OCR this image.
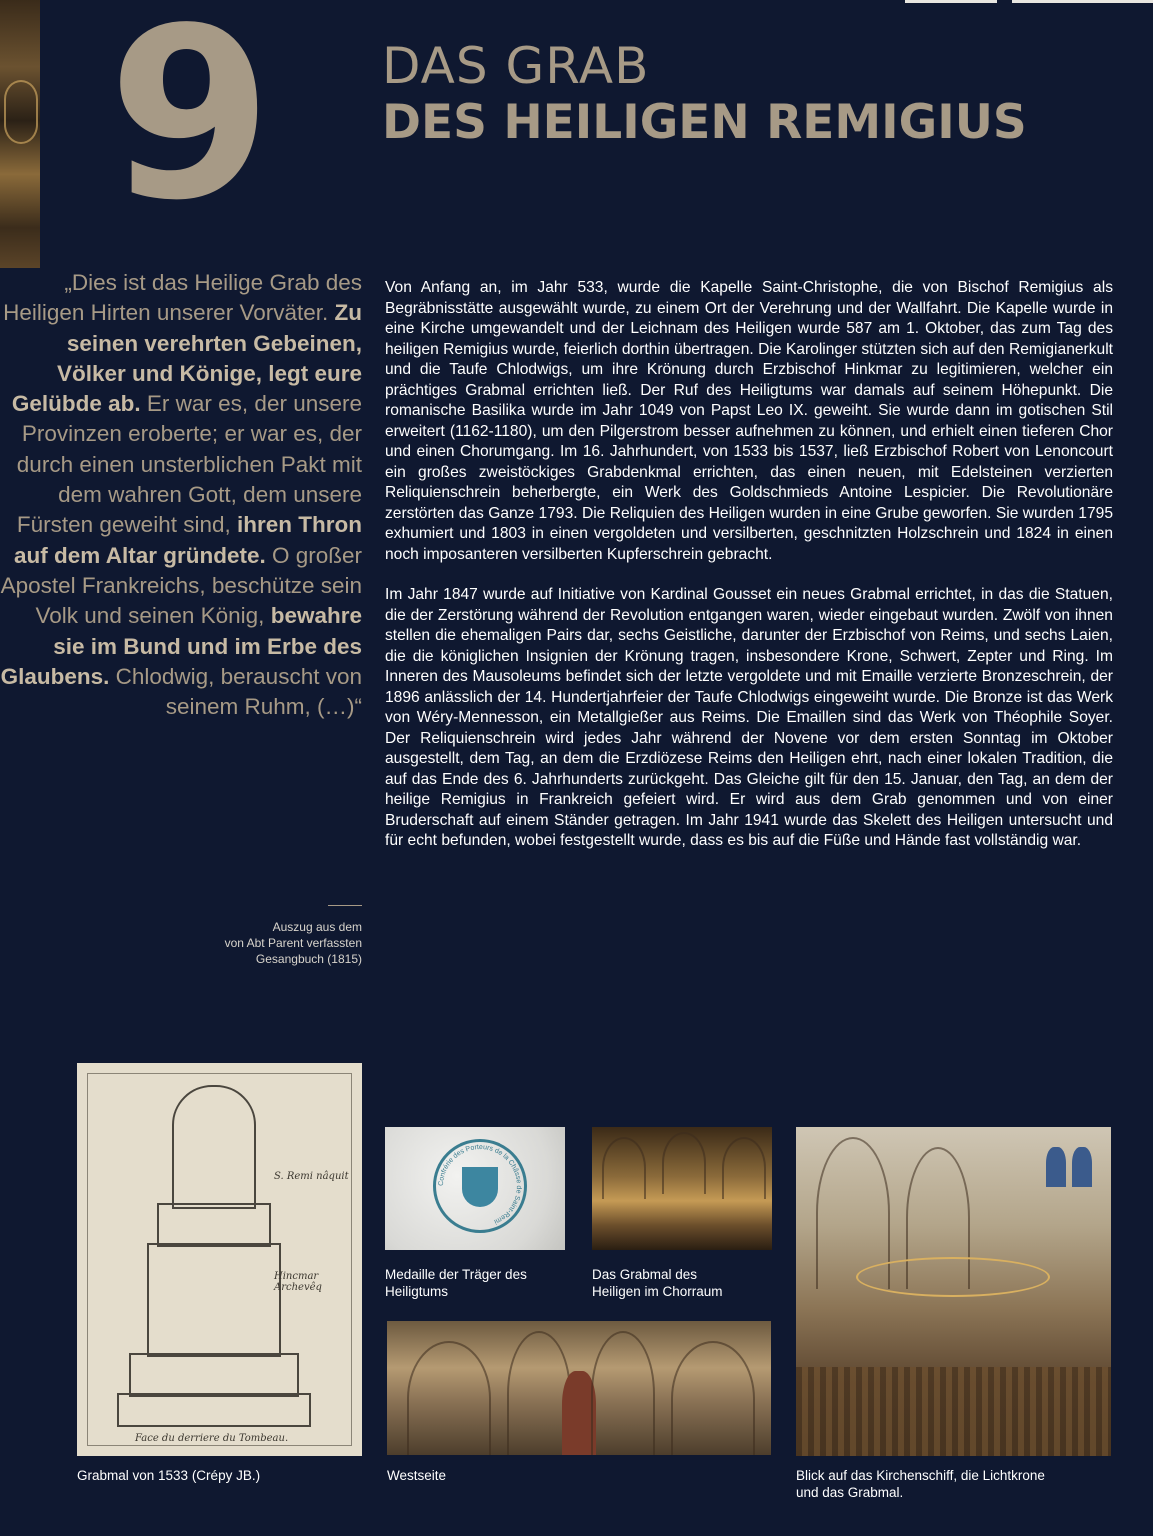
9 DAS GRAB
DES HEILIGEN REMIGIUS

„Dies ist das Heilige Grab des Heiligen Hirten unserer Vorväter. Zu seinen verehrten Gebeinen, Völker und Könige, legt eure Gelübde ab. Er war es, der unsere Provinzen eroberte; er war es, der durch einen unsterblichen Pakt mit dem wahren Gott, dem unsere Fürsten geweiht sind, ihren Thron auf dem Altar gründete. O großer Apostel Frankreichs, beschütze sein Volk und seinen König, bewahre sie im Bund und im Erbe des Glaubens. Chlodwig, berauscht von seinem Ruhm, (…)“

Auszug aus dem
von Abt Parent verfassten
Gesangbuch (1815)

Von Anfang an, im Jahr 533, wurde die Kapelle Saint-Christophe, die von Bischof Remigius als Begräbnisstätte ausgewählt wurde, zu einem Ort der Verehrung und der Wallfahrt. Die Kapelle wurde in eine Kirche umgewandelt und der Leichnam des Heiligen wurde 587 am 1. Oktober, das zum Tag des heiligen Remigius wurde, feierlich dorthin übertragen. Die Karolinger stützten sich auf den Remigianerkult und die Taufe Chlodwigs, um ihre Krönung durch Erzbischof Hinkmar zu legitimieren, welcher ein prächtiges Grabmal errichten ließ. Der Ruf des Heiligtums war damals auf seinem Höhepunkt. Die romanische Basilika wurde im Jahr 1049 von Papst Leo IX. geweiht. Sie wurde dann im gotischen Stil erweitert (1162-1180), um den Pilgerstrom besser aufnehmen zu können, und erhielt einen tieferen Chor und einen Chorumgang. Im 16. Jahrhundert, von 1533 bis 1537, ließ Erzbischof Robert von Lenoncourt ein großes zweistöckiges Grabdenkmal errichten, das einen neuen, mit Edelsteinen verzierten Reliquienschrein beherbergte, ein Werk des Goldschmieds Antoine Lespicier. Die Revolutionäre zerstörten das Ganze 1793. Die Reliquien des Heiligen wurden in eine Grube geworfen. Sie wurden 1795 exhumiert und 1803 in einen vergoldeten und versilberten, geschnitzten Holzschrein und 1824 in einen noch imposanteren versilberten Kupferschrein gebracht.

Im Jahr 1847 wurde auf Initiative von Kardinal Gousset ein neues Grabmal errichtet, in das die Statuen, die der Zerstörung während der Revolution entgangen waren, wieder eingebaut wurden. Zwölf von ihnen stellen die ehemaligen Pairs dar, sechs Geistliche, darunter der Erzbischof von Reims, und sechs Laien, die die königlichen Insignien der Krönung tragen, insbesondere Krone, Schwert, Zepter und Ring. Im Inneren des Mausoleums befindet sich der letzte vergoldete und mit Emaille verzierte Bronzeschrein, der 1896 anlässlich der 14. Hundertjahrfeier der Taufe Chlodwigs eingeweiht wurde. Die Bronze ist das Werk von Wéry-Mennesson, ein Metallgießer aus Reims. Die Emaillen sind das Werk von Théophile Soyer. Der Reliquienschrein wird jedes Jahr während der Novene vor dem ersten Sonntag im Oktober ausgestellt, dem Tag, an dem die Erzdiözese Reims den Heiligen ehrt, nach einer lokalen Tradition, die auf das Ende des 6. Jahrhunderts zurückgeht. Das Gleiche gilt für den 15. Januar, den Tag, an dem der heilige Remigius in Frankreich gefeiert wird. Er wird aus dem Grab genommen und von einer Bruderschaft auf einem Ständer getragen. Im Jahr 1941 wurde das Skelett des Heiligen untersucht und für echt befunden, wobei festgestellt wurde, dass es bis auf die Füße und Hände fast vollständig war.

S. Remi nâquit
Hincmar Archevêq
Face du derriere du Tombeau.

Grabmal von 1533 (Crépy JB.)

Confrérie des Porteurs de la Châsse de Saint-Remi

Medaille der Träger des
Heiligtums

Das Grabmal des
Heiligen im Chorraum

Westseite	Blick auf das Kirchenschiff, die Lichtkrone
und das Grabmal.
